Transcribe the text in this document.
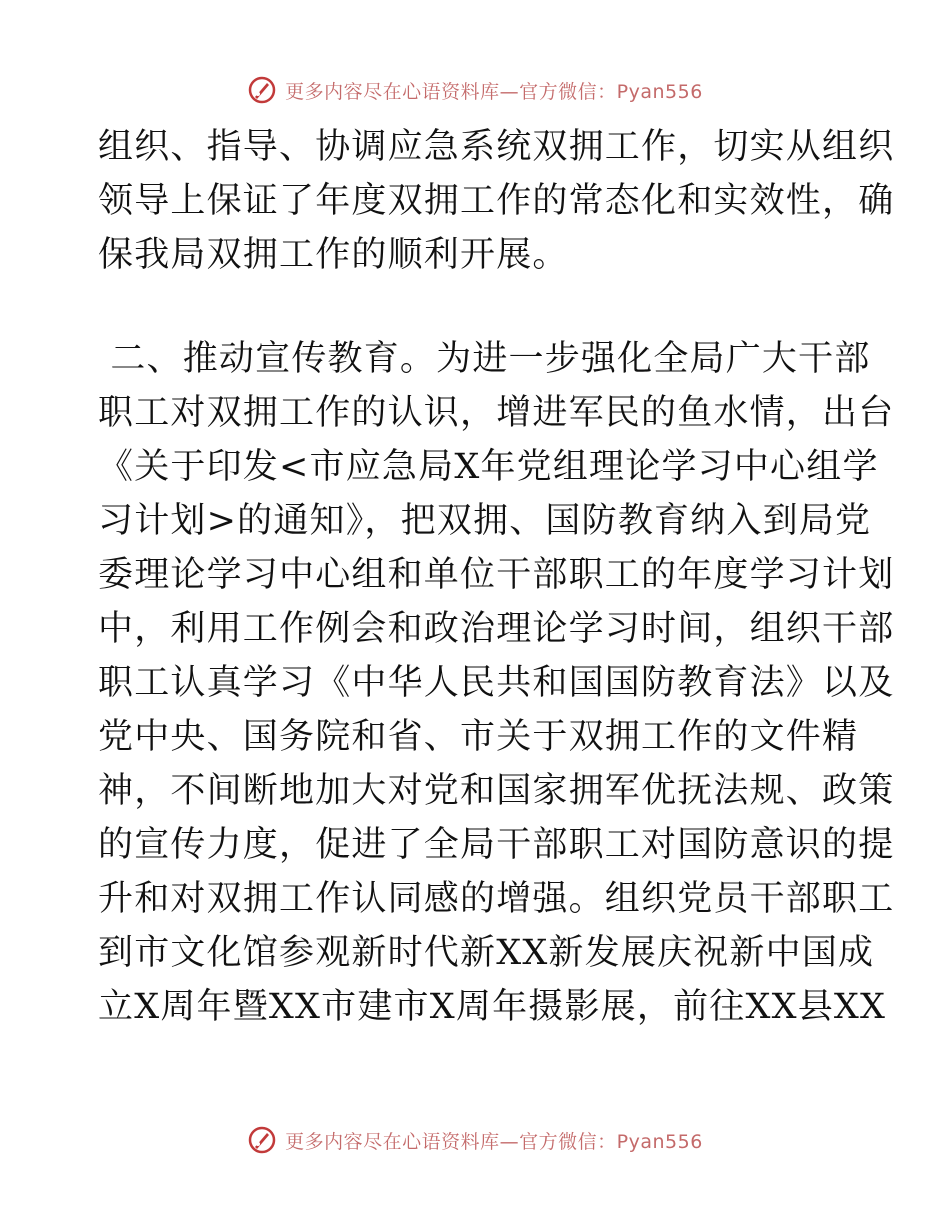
更多内容尽在心语资料库—官方微信：Pyan556
组织、指导、协调应急系统双拥工作，切实从组织
领导上保证了年度双拥工作的常态化和实效性，确
保我局双拥工作的顺利开展。
二、推动宣传教育。为进一步强化全局广大干部
职工对双拥工作的认识，增进军民的鱼水情，出台
《关于印发<市应急局X年党组理论学习中心组学
习计划>的通知》，把双拥、国防教育纳入到局党
委理论学习中心组和单位干部职工的年度学习计划
中，利用工作例会和政治理论学习时间，组织干部
职工认真学习《中华人民共和国国防教育法》以及
党中央、国务院和省、市关于双拥工作的文件精
神，不间断地加大对党和国家拥军优抚法规、政策
的宣传力度，促进了全局干部职工对国防意识的提
升和对双拥工作认同感的增强。组织党员干部职工
到市文化馆参观新时代新XX新发展庆祝新中国成
立X周年暨XX市建市X周年摄影展，前往XX县XX
更多内容尽在心语资料库—官方微信：Pyan556
